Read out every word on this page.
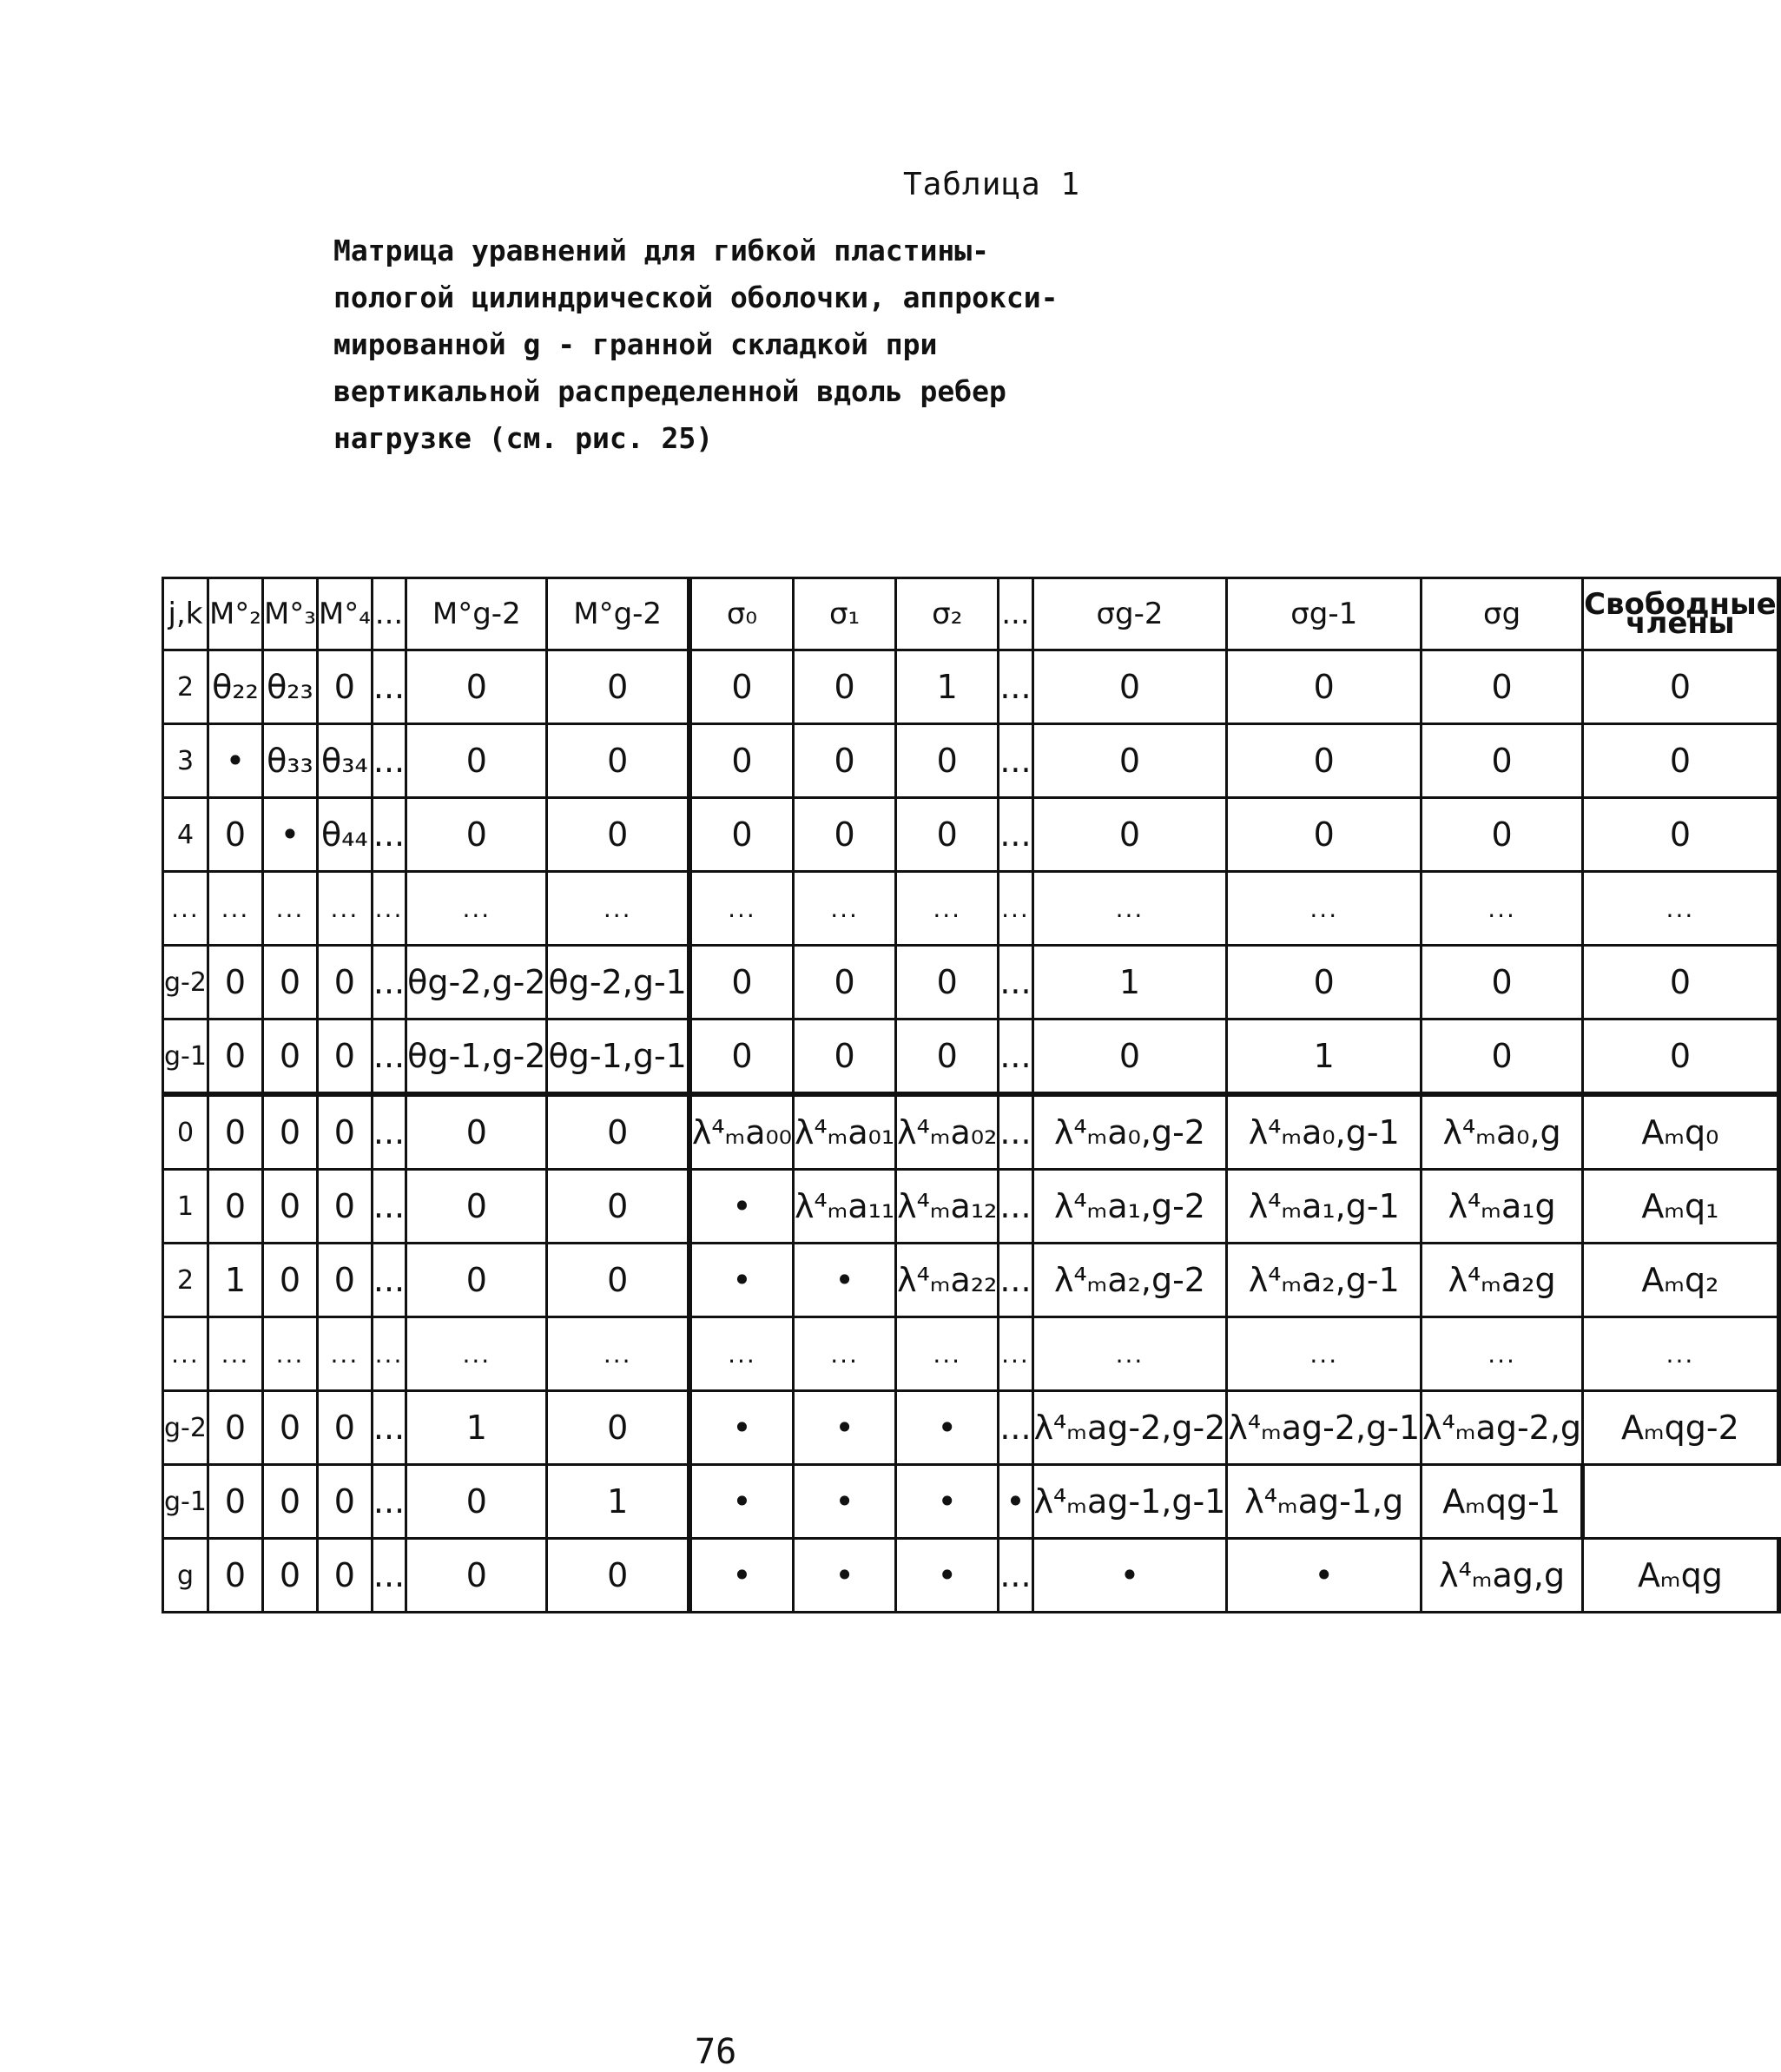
Таблица 1
Матрица уравнений для гибкой пластины-
пологой цилиндрической оболочки, аппрокси-
мированной g - гранной складкой при
вертикальной распределенной вдоль ребер
нагрузке (см. рис. 25)
j,k	M°₂	M°₃	M°₄	...	M°g-2	M°g-2	σ₀	σ₁	σ₂	...	σg-2	σg-1	σg	Свободные члены
2	θ₂₂	θ₂₃	0	...	0	0	0	0	1	...	0	0	0	0
3	•	θ₃₃	θ₃₄	...	0	0	0	0	0	...	0	0	0	0
4	0	•	θ₄₄	...	0	0	0	0	0	...	0	0	0	0
...	...	...	...	...	...	...	...	...	...	...	...	...	...	...
g-2	0	0	0	...	θg-2,g-2	θg-2,g-1	0	0	0	...	1	0	0	0
g-1	0	0	0	...	θg-1,g-2	θg-1,g-1	0	0	0	...	0	1	0	0
0	0	0	0	...	0	0	λ⁴ₘa₀₀	λ⁴ₘa₀₁	λ⁴ₘa₀₂	...	λ⁴ₘa₀,g-2	λ⁴ₘa₀,g-1	λ⁴ₘa₀,g	Aₘq₀
1	0	0	0	...	0	0	•	λ⁴ₘa₁₁	λ⁴ₘa₁₂	...	λ⁴ₘa₁,g-2	λ⁴ₘa₁,g-1	λ⁴ₘa₁g	Aₘq₁
2	1	0	0	...	0	0	•	•	λ⁴ₘa₂₂	...	λ⁴ₘa₂,g-2	λ⁴ₘa₂,g-1	λ⁴ₘa₂g	Aₘq₂
...	...	...	...	...	...	...	...	...	...	...	...	...	...	...
g-2	0	0	0	...	1	0	•	•	•	...	λ⁴ₘag-2,g-2	λ⁴ₘag-2,g-1	λ⁴ₘag-2,g	Aₘqg-2
g-1	0	0	0	...	0	1	•	•	•	•	λ⁴ₘag-1,g-1	λ⁴ₘag-1,g	Aₘqg-1	
g	0	0	0	...	0	0	•	•	•	...	•	•	λ⁴ₘag,g	Aₘqg
76
